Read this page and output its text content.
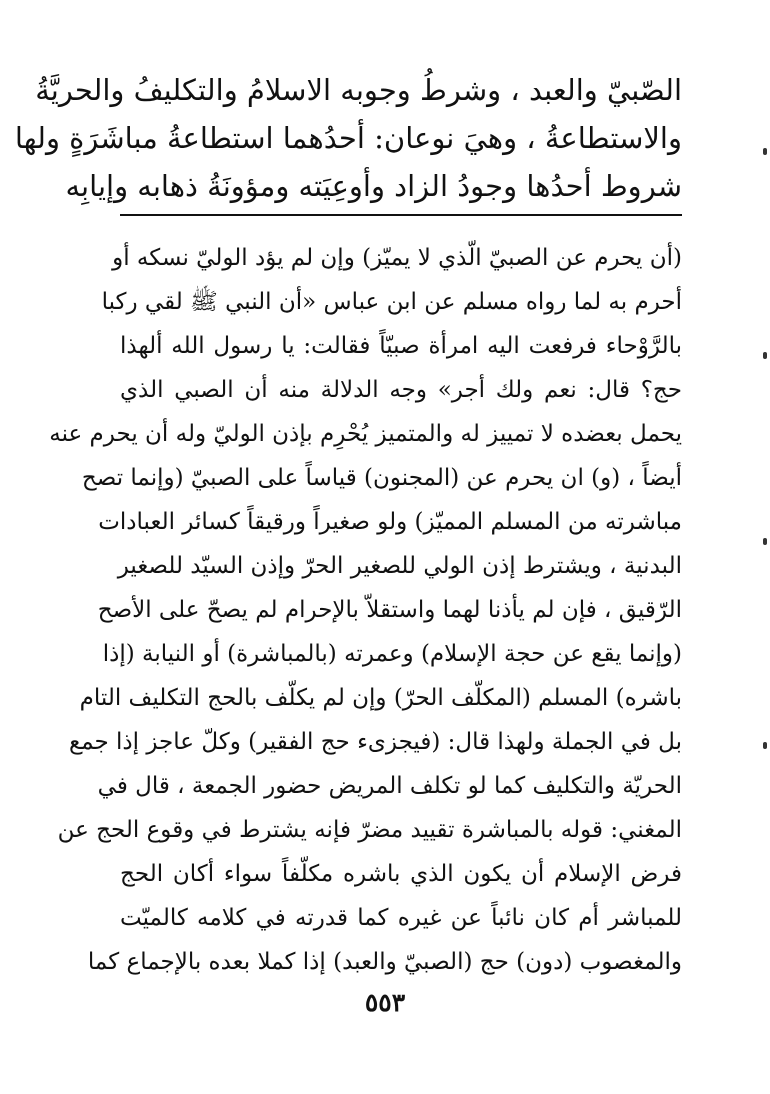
الصّبيّ والعبد ، وشرطُ وجوبه الاسلامُ والتكليفُ والحريَّةُ
والاستطاعةُ ، وهيَ نوعان: أحدُهما استطاعةُ مباشَرَةٍ ولها
شروط أحدُها وجودُ الزاد وأوعِيَته ومؤونَةُ ذهابه وإيابِه
(أن يحرم عن الصبيّ الّذي لا يميّز) وإن لم يؤد الوليّ نسكه أو
أحرم به لما رواه مسلم عن ابن عباس «أن النبي ﷺ لقي ركبا
بالرَّوْحاء فرفعت اليه امرأة صبيّاً فقالت: يا رسول الله ألهذا
حج؟ قال: نعم ولك أجر» وجه الدلالة منه أن الصبي الذي
يحمل بعضده لا تمييز له والمتميز يُحْرِم بإذن الوليّ وله أن يحرم عنه
أيضاً ، (و) ان يحرم عن (المجنون) قياساً على الصبيّ (وإنما تصح
مباشرته من المسلم المميّز) ولو صغيراً ورقيقاً كسائر العبادات
البدنية ، ويشترط إذن الولي للصغير الحرّ وإذن السيّد للصغير
الرّقيق ، فإن لم يأذنا لهما واستقلاّ بالإحرام لم يصحّ على الأصح
(وإنما يقع عن حجة الإسلام) وعمرته (بالمباشرة) أو النيابة (إذا
باشره) المسلم (المكلّف الحرّ) وإن لم يكلّف بالحج التكليف التام
بل في الجملة ولهذا قال: (فيجزىء حج الفقير) وكلّ عاجز إذا جمع
الحريّة والتكليف كما لو تكلف المريض حضور الجمعة ، قال في
المغني: قوله بالمباشرة تقييد مضرّ فإنه يشترط في وقوع الحج عن
فرض الإسلام أن يكون الذي باشره مكلّفاً سواء أكان الحج
للمباشر أم كان نائباً عن غيره كما قدرته في كلامه كالميّت
والمغصوب (دون) حج (الصبيّ والعبد) إذا كملا بعده بالإجماع كما
٥٥٣
